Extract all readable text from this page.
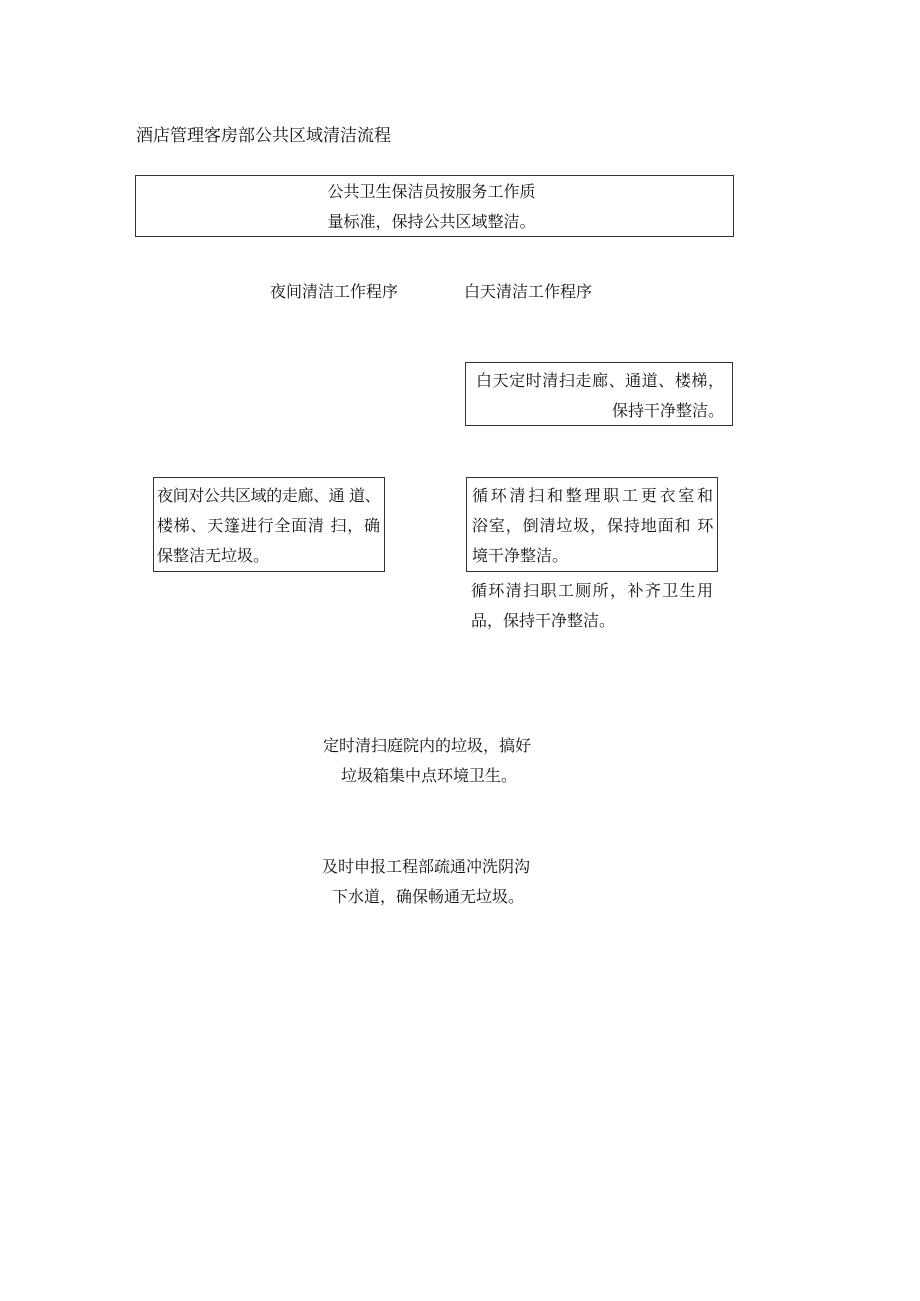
酒店管理客房部公共区域清洁流程
公共卫生保洁员按服务工作质
量标准，保持公共区域整洁。
夜间清洁工作程序	白天清洁工作程序
白天定时清扫走廊、通道、楼梯，
保持干净整洁。
夜间对公共区域的走廊、通 道、
楼梯、天篷进行全面清 扫，确
保整洁无垃圾。
循环清扫和整理职工更衣室和
浴室，倒清垃圾，保持地面和 环
境干净整洁。
循环清扫职工厕所，补齐卫生用
品，保持干净整洁。
定时清扫庭院内的垃圾，搞好
垃圾箱集中点环境卫生。
及时申报工程部疏通冲洗阴沟
下水道，确保畅通无垃圾。
